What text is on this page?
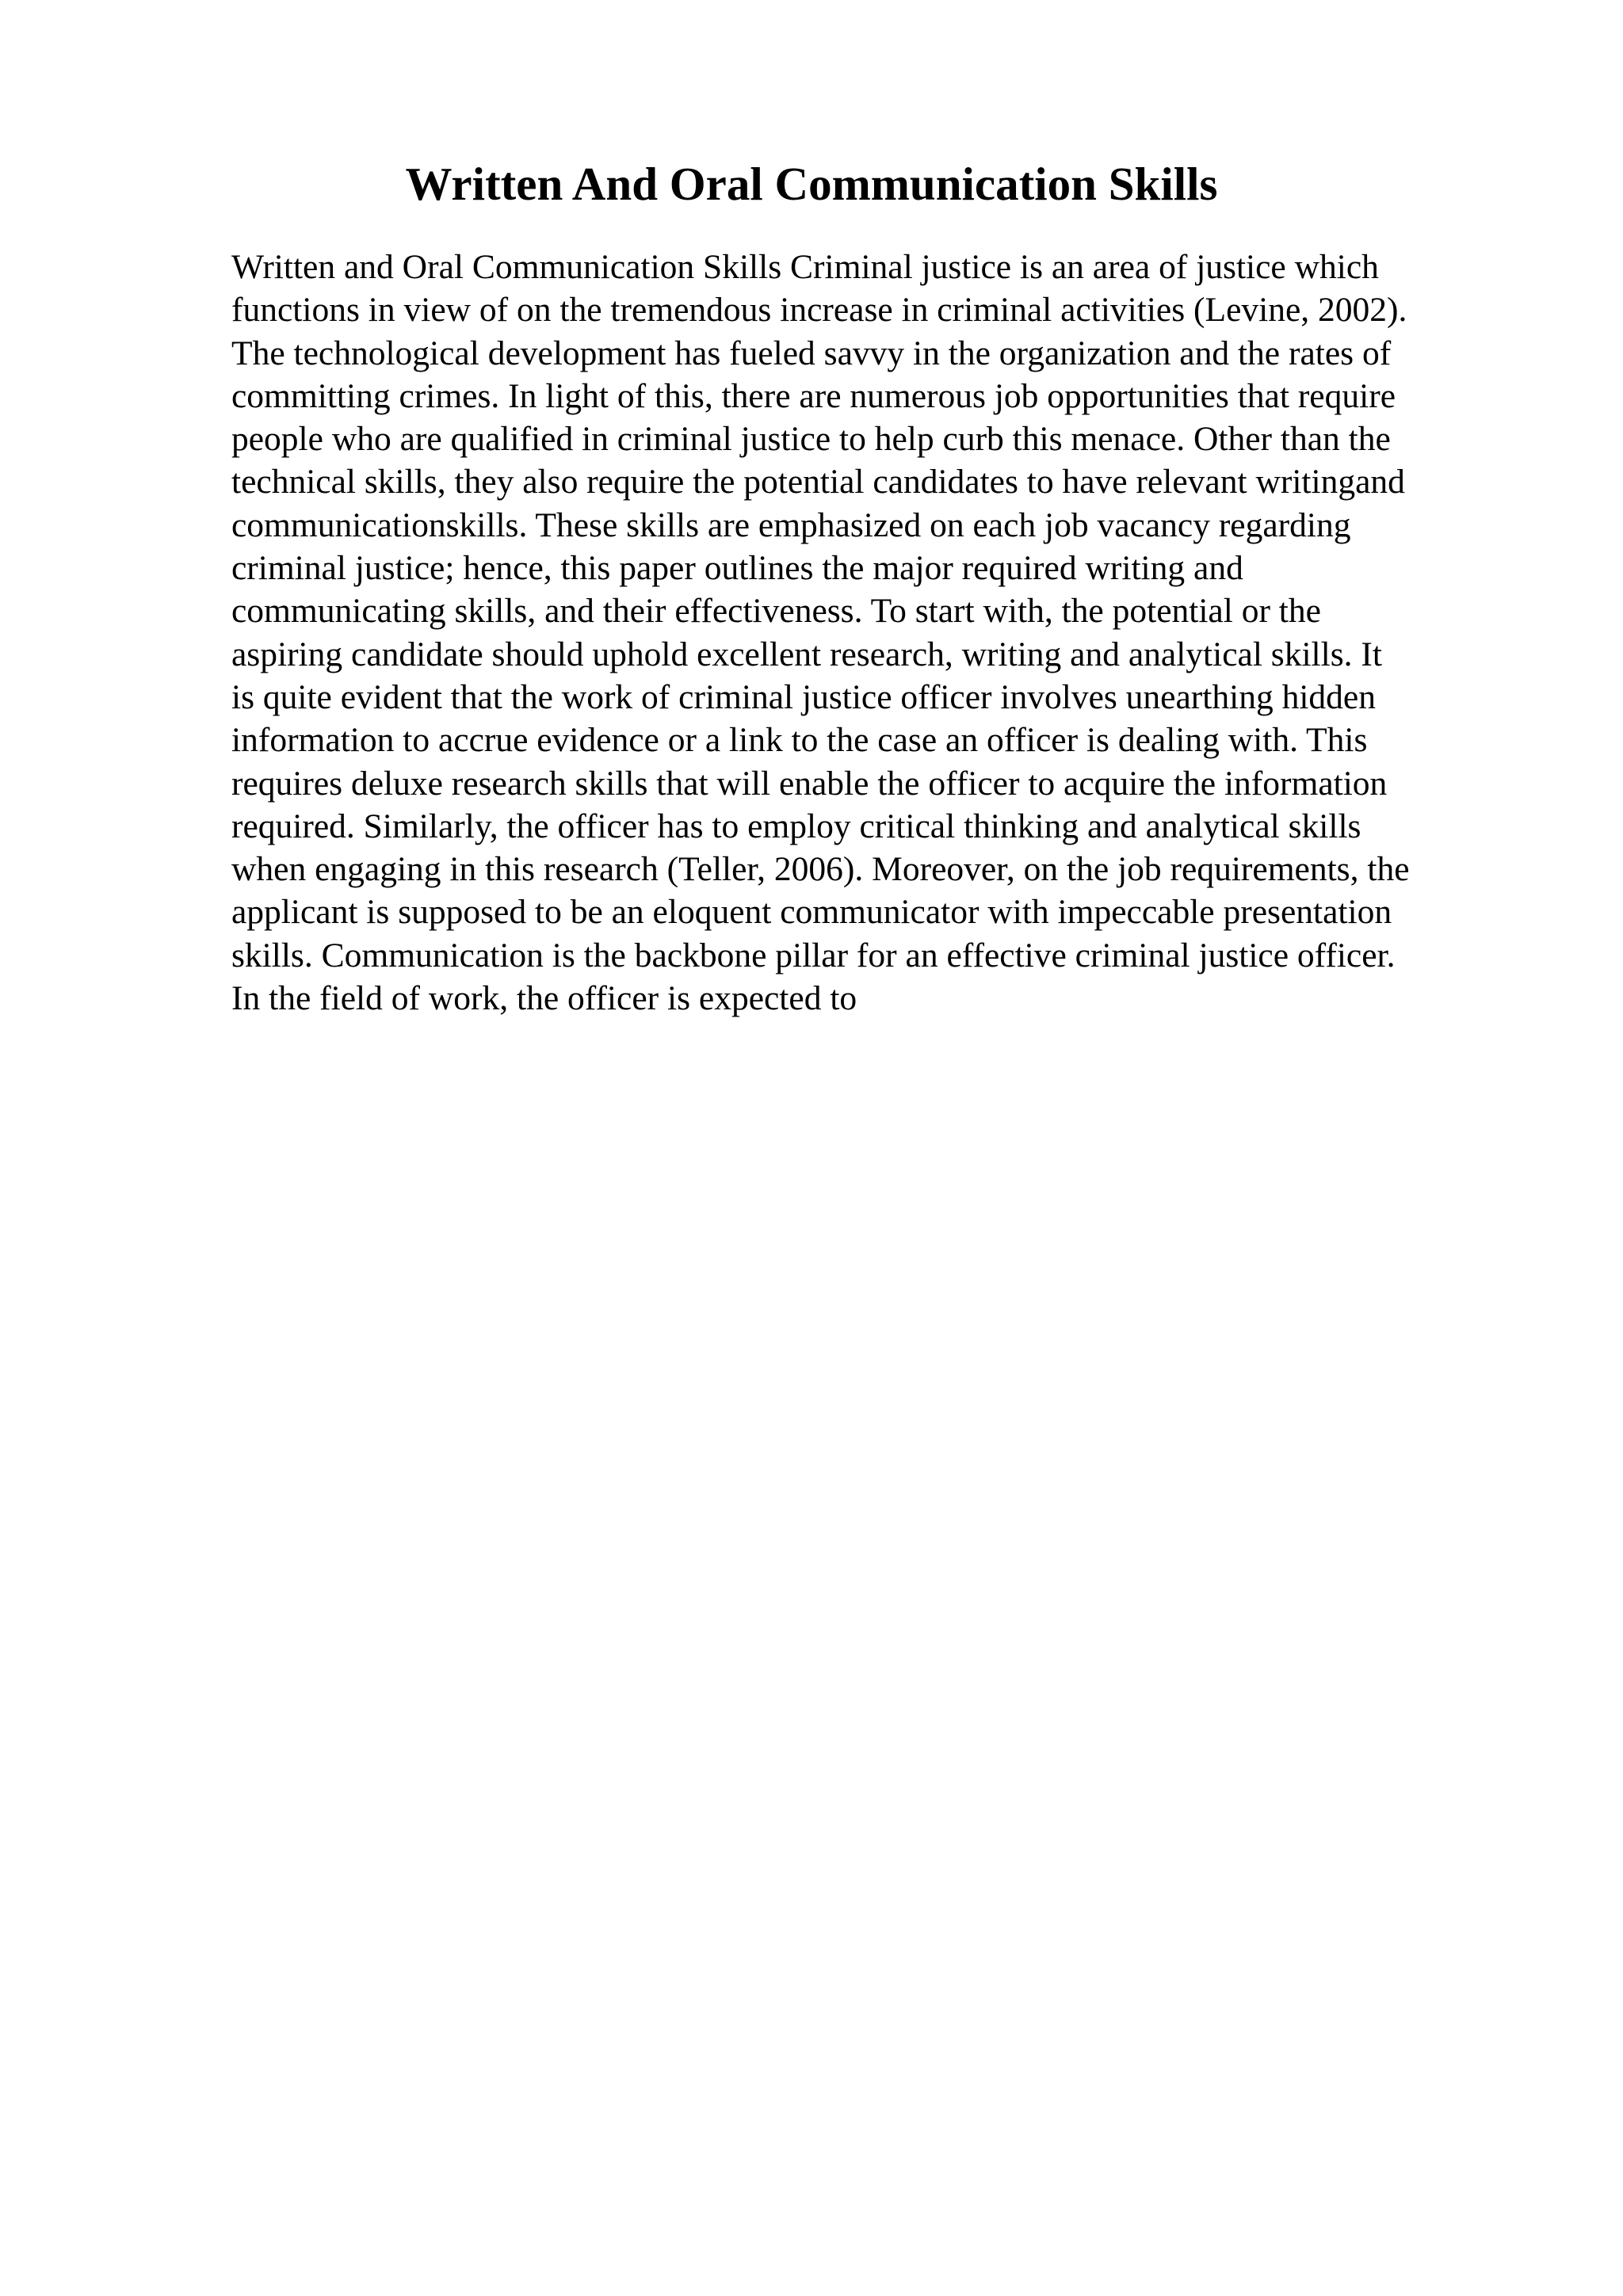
Written And Oral Communication Skills
Written and Oral Communication Skills Criminal justice is an area of justice which
functions in view of on the tremendous increase in criminal activities (Levine, 2002).
The technological development has fueled savvy in the organization and the rates of
committing crimes. In light of this, there are numerous job opportunities that require
people who are qualified in criminal justice to help curb this menace. Other than the
technical skills, they also require the potential candidates to have relevant writingand
communicationskills. These skills are emphasized on each job vacancy regarding
criminal justice; hence, this paper outlines the major required writing and
communicating skills, and their effectiveness. To start with, the potential or the
aspiring candidate should uphold excellent research, writing and analytical skills. It
is quite evident that the work of criminal justice officer involves unearthing hidden
information to accrue evidence or a link to the case an officer is dealing with. This
requires deluxe research skills that will enable the officer to acquire the information
required. Similarly, the officer has to employ critical thinking and analytical skills
when engaging in this research (Teller, 2006). Moreover, on the job requirements, the
applicant is supposed to be an eloquent communicator with impeccable presentation
skills. Communication is the backbone pillar for an effective criminal justice officer.
In the field of work, the officer is expected to
